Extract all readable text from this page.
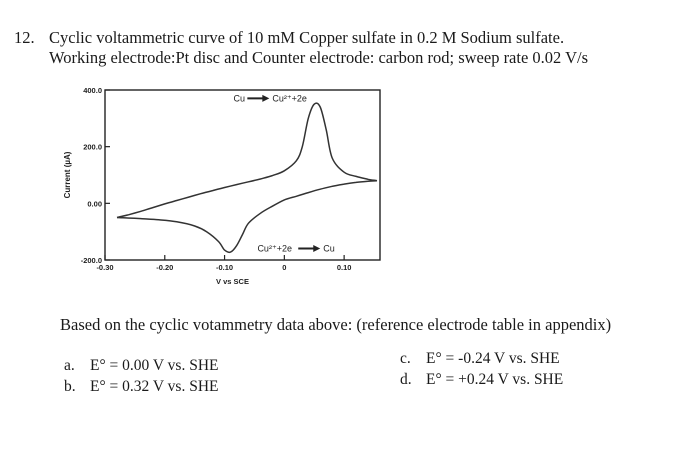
12. Cyclic voltammetric curve of 10 mM Copper sulfate in 0.2 M Sodium sulfate.
Working electrode:Pt disc and Counter electrode: carbon rod; sweep rate 0.02 V/s
-200.0
0.00
200.0
400.0
-0.30	-0.20	-0.10	0	0.10
V vs SCE
Current (µA)
Cu	Cu²⁺+2e
Cu²⁺+2e	Cu
Based on the cyclic votammetry data above: (reference electrode table in appendix)
a. E° = 0.00 V vs. SHE
b. E° = 0.32 V vs. SHE
c. E° = -0.24 V vs. SHE
d. E° = +0.24 V vs. SHE
